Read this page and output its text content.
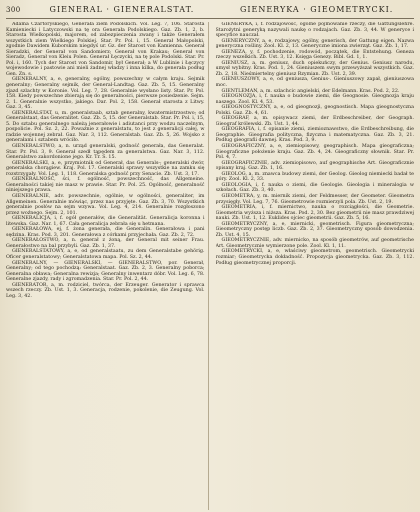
300	GIENERAL · GIENERALSTAT.	GIENERYKA · GIEOMETRYCKI.

Adama Czartoryskiego, Generała ziem Podolskich. Vol. Leg. 7, 106. Starosta Kamieniecki i Latyczowski na tę ora Generała Podolskiego. Gaz. Zb. 1, 2, b. Starosta Wielkopolski, majorem, od zabezpieczenia zwany i także Generałem wszystkich ziem Wielkiego Polskiej. Star. Pr. Pol. i, 15. Generał Małopolski, zgodnie Dawidem Kuborskim niegdyś ur. Gz. der Starost von Kamienna. Generał Sieradzki, der Generał von Sandomierz; Generał von Krakau; Generał von Sieradz, Generał von Kleiu Polen. Generał Łęczycki, na tę pole Podolski. Star. Pr. Pol. i, 160. Tych der Starost von Sandomir, był Generał; a W Lublinie i Łęczycy wojewodowie i pastowie ani mieli żadnej władzy i inna kilka, do generała podług Gen. Zn. s.

GIENERALNY, a, e, generalny, ogólny, powszechny w całym kraju. Sejmik generalny; Generalny sejmik, der General-Landtag. Gaz. Zb. 5, 15. Generalny zjazd szlachty w Koronie. Vol. Leg. 7, 28. Generalnie wysłano listy. Star. Pr. Pol. 158. Kiedy powszechne zbierają się do generalności, pierwsze posiedzenie. Sejm. 2. 1. Generalnie wszystko, jakiego. Dar. Pol. 2, 158. Generał starosta z Litwy. Gaz. 3, 45.

GIENERALSTAT, u, m. generalstaab, sztab generalny, kwatermistrzostwo; od Generalstaat, das Generalitet. Gaz. Zb. 5, 15. der Generalstab. Star. Pr. Pol. i, 15, 5. Do sztabu generalnego należą jenerałowie i adiutanci przy wodzu naczelnym, pospolicie. Pol. Sz. 2, 22. Poważnie z generalstatu, to jest z generalicji całej, w radzie wojennej zebrał. Gaz. Nar. 3, 112. Generalstab. Gaz. Zb. 5, 26. Wojsko z generałami i sztabem wróciło.

GIENERALSTWO, a, n. urząd generalski, godność generała, das Generalat. Star. Pr. Pol. 3, 9. Generał szedł tąpędem za generalstwa. Gaz. Nar. 3, 112. Generalstwo zakordonione jego. Kr. Tr. S. 15.

GIENERALSKI, a, e, przymiotnik od Generał, das Generals-; generalski dwór, generalska chorągiew. Kraj. Pol. 17. Generalski sprawy wszystkie na zamku się rozstrzygały. Vol. Leg. 1, 118. Generalska godność przy Senacie. Zb. Ust. 3, 17.

GIENERALNOŚĆ, ści, f. ogólność, powszechność, das Allgemeine. Generalności takiej nie masz w prawie. Star. Pr. Pol. 25. Ogólność, generalność niniejszego prawa.

GIENERALNIE, adv. powszechnie, ogólnie, w ogólności, generaliter, im Allgemeinen. Generalnie mówiąc, przez nas przyjęte. Gaz. Zb. 3, 70. Wszystkich generalnie posłów na sejm wzywa. Vol. Leg. 4, 214. Generalnie rozgłoszono przez woźnego. Sejm. 2, 101.

GIENERALICJA, i, f. ogół generałów, die Generalität. Generalicja koronna i litewska. Gaz. Nar. 1, 67. Cała generalicja zebrała się u hetmana.

GIENERAŁOWA, ej, f. żona generała, die Generalin. Generałowa i pani sędzina. Kras. Pod. 3, 201. Generałowa z córkami przyjechała. Gaz. Zb. 2, 72.

GIENERAŁOSTWO, a, n. generał z żoną, der General mit seiner Frau. Generałostwo na bal przybyli. Gaz. Zb. 1, 37.

GIENERALSTATOWY, a, e, od generalstaatu, zu dem Generalstabe gehörig. Oficer generalstatowy; Generalstatowa mapa. Pol. Sz. 2, 44.

GIENERALNY, — GIENERALSKI, — GIENERALSTWO, por. Generał, Generalny; od tego pochodzą: Generalstaat. Gaz. Zb. 2, 3. Generalny poborca; Generalna obława; Generalna rewizja; Generalny inwentarz dóbr. Vol. Leg. 6, 78. Generalne zjazdy, rady i zgromadzenia. Star. Pr. Pol. 2, 44.

GIENERATOR, a, m. rodziciel, twórca, der Erzeuger. Generator i sprawca wszech rzeczy. Zb. Ust. 1, 3. Generacja, rodzenie, pokolenie, die Zeugung. Vol. Leg. 3, 42.

GIENERYKA, i, f. rodzajowość, ogólne pojmowanie rzeczy, die Gattungslehre. Starożytni generyką nazywali naukę o rodzajach. Gaz. Zb. 3, 44. W generyce i specyfice nauczał.

GIENERYCZNY, a, e, rodzajowy, ogólny, generisch, der Gattung eigen. Nazwa generyczna rośliny. Zool. Kl. 2, 13. Generyczne imiona zwierząt. Gaz. Zb. 1, 17.

GIENEZA, y, f. pochodzenie, rodowód, początek, die Entstehung. Geneza rzeczy wszelkich. Zb. Ust. 3, 12. Księga Genezy. Bibl. Gd. 1, 1.

GIENIUSZ, a, m. geniusz, duch opiekuńczy, der Genius. Geniusz narodu, umysł wybitny. Kras. Pod. 1, 24. Gieniuszem swym przewyższał wszystkich. Gaz. Zb. 2, 18. Nieśmiertelny gieniusz Rzymian. Zb. Ust. 2, 39.

GIENIUSZOWY, a, e, od geniusza, Genius-. Gieniuszowy zapał, gieniuszowa moc.

GIENTLEMAN, a, m. szlachcic angielski, der Edelmann. Kras. Pod. 2, 22.

GIEOGNOZJA, i, f. nauka o budowie ziemi, die Geognosie. Gieognozja kraju naszego. Zool. Kl. 4, 53.

GIEOGNOSTYCZNY, a, e, od gieognozji, geognostisch. Mapa gieognostyczna Polski. Gaz. Zb. 4, 61.

GIEOGRAF, a, m. opisywacz ziemi, der Erdbeschreiber, der Geograph. Gieograf królewski. Zb. Ust. 1, 44.

GIEOGRAFIA, i, f. opisanie ziemi, ziemioznawstwo, die Erdbeschreibung, die Geographie. Gieografia polityczna, fizyczna i matematyczna. Gaz. Zb. 3, 21. Podług gieografii dawnej. Kras. Pod. 3, 9.

GIEOGRAFICZNY, a, e, ziemiopisowy, geographisch. Mapa gieograficzna; Gieograficzne położenie kraju. Gaz. Zb. 4, 24. Gieograficzny słownik. Star. Pr. Pol. 4, 7.

GIEOGRAFICZNIE, adv. ziemiopisowo, auf geographische Art. Gieograficznie opisany kraj. Gaz. Zb. 1, 16.

GIEOLOG, a, m. znawca budowy ziemi, der Geolog. Gieolog niemiecki badał te góry. Zool. Kl. 2, 33.

GIEOLOGIA, i, f. nauka o ziemi, die Geologie. Gieologia i mineralogia w szkołach. Gaz. Zb. 3, 40.

GIEOMETRA, y, m. miernik ziemi, der Feldmesser, der Geometer. Gieometra przysięgły. Vol. Leg. 7, 76. Gieometrowie rozmierzyli pola. Zb. Ust. 2, 19.

GIEOMETRIA, i, f. miernictwo, nauka o rozciągłości, die Geometrie. Gieometria wyższa i niższa. Kras. Pod. 2, 30. Bez gieometrii nie masz prawdziwej nauki. Zb. Ust. 1, 12. Euklides ojciec gieometrii. Gaz. Zb. 5, 16.

GIEOMETRYCZNY, a, e, miernicki, geometrisch. Figura gieometryczna; Gieometryczny postęp liczb. Gaz. Zb. 2, 37. Gieometryczny sposób dowodzenia. Zb. Ust. 4, 15.

GIEOMETRYCZNIE, adv. miernicko, na sposób gieometrów, auf geometrische Art. Gieometrycznie wymierzone pole. Zool. Kl. 1, 11.

GIEOMETRYCKI, a, e, właściwy gieometrom, geometrisch. Gieometrycki rozmiar; Gieometrycka dokładność. Propozycja gieometrycka. Gaz. Zb. 3, 112. Podług gieometrycznej proporcji.
